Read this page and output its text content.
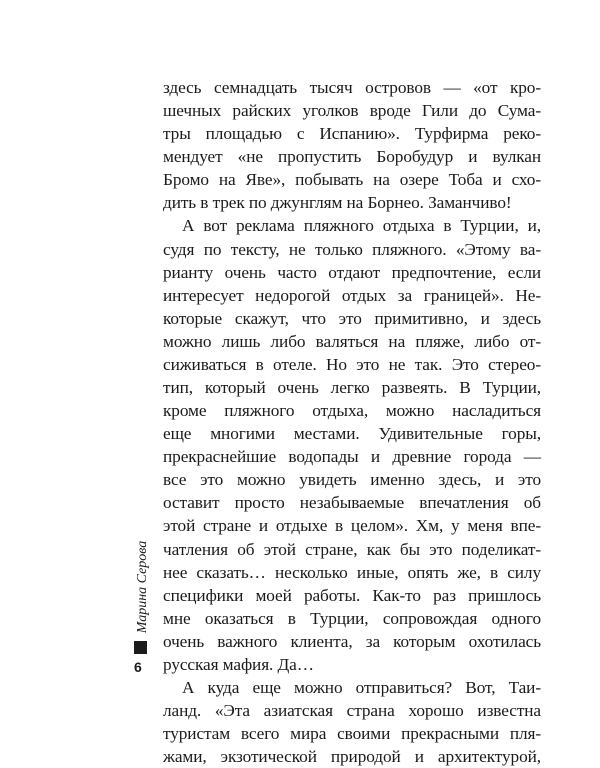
здесь семнадцать тысяч островов — «от кро-
шечных райских уголков вроде Гили до Сума-
тры площадью с Испанию». Турфирма реко-
мендует «не пропустить Боробудур и вулкан
Бромо на Яве», побывать на озере Тоба и схо-
дить в трек по джунглям на Борнео. Заманчиво!
А вот реклама пляжного отдыха в Турции, и,
судя по тексту, не только пляжного. «Этому ва-
рианту очень часто отдают предпочтение, если
интересует недорогой отдых за границей». Не-
которые скажут, что это примитивно, и здесь
можно лишь либо валяться на пляже, либо от-
сиживаться в отеле. Но это не так. Это стерео-
тип, который очень легко развеять. В Турции,
кроме пляжного отдыха, можно насладиться
еще многими местами. Удивительные горы,
прекраснейшие водопады и древние города —
все это можно увидеть именно здесь, и это
оставит просто незабываемые впечатления об
этой стране и отдыхе в целом». Хм, у меня впе-
чатления об этой стране, как бы это поделикат-
нее сказать… несколько иные, опять же, в силу
специфики моей работы. Как-то раз пришлось
мне оказаться в Турции, сопровождая одного
очень важного клиента, за которым охотилась
русская мафия. Да…
А куда еще можно отправиться? Вот, Таи-
ланд. «Эта азиатская страна хорошо известна
туристам всего мира своими прекрасными пля-
жами, экзотической природой и архитектурой,
Марина Серова
6
